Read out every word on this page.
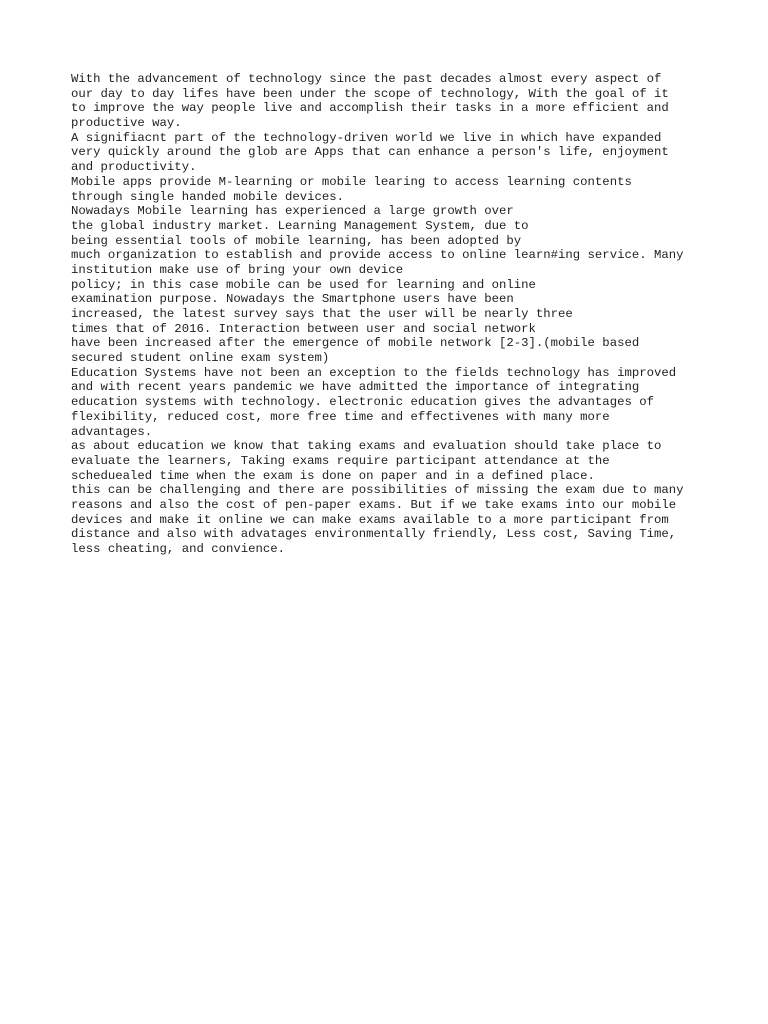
With the advancement of technology since the past decades almost every aspect of
our day to day lifes have been under the scope of technology, With the goal of it
to improve the way people live and accomplish their tasks in a more efficient and
productive way.
A signifiacnt part of the technology-driven world we live in which have expanded
very quickly around the glob are Apps that can enhance a person's life, enjoyment
and productivity.
Mobile apps provide M-learning or mobile learing to access learning contents
through single handed mobile devices.
Nowadays Mobile learning has experienced a large growth over
the global industry market. Learning Management System, due to
being essential tools of mobile learning, has been adopted by
much organization to establish and provide access to online learn#ing service. Many
institution make use of bring your own device
policy; in this case mobile can be used for learning and online
examination purpose. Nowadays the Smartphone users have been
increased, the latest survey says that the user will be nearly three
times that of 2016. Interaction between user and social network
have been increased after the emergence of mobile network [2-3].(mobile based
secured student online exam system)
Education Systems have not been an exception to the fields technology has improved
and with recent years pandemic we have admitted the importance of integrating
education systems with technology. electronic education gives the advantages of
flexibility, reduced cost, more free time and effectivenes with many more
advantages.
as about education we know that taking exams and evaluation should take place to
evaluate the learners, Taking exams require participant attendance at the
scheduealed time when the exam is done on paper and in a defined place.
this can be challenging and there are possibilities of missing the exam due to many
reasons and also the cost of pen-paper exams. But if we take exams into our mobile
devices and make it online we can make exams available to a more participant from
distance and also with advatages environmentally friendly, Less cost, Saving Time,
less cheating, and convience.
